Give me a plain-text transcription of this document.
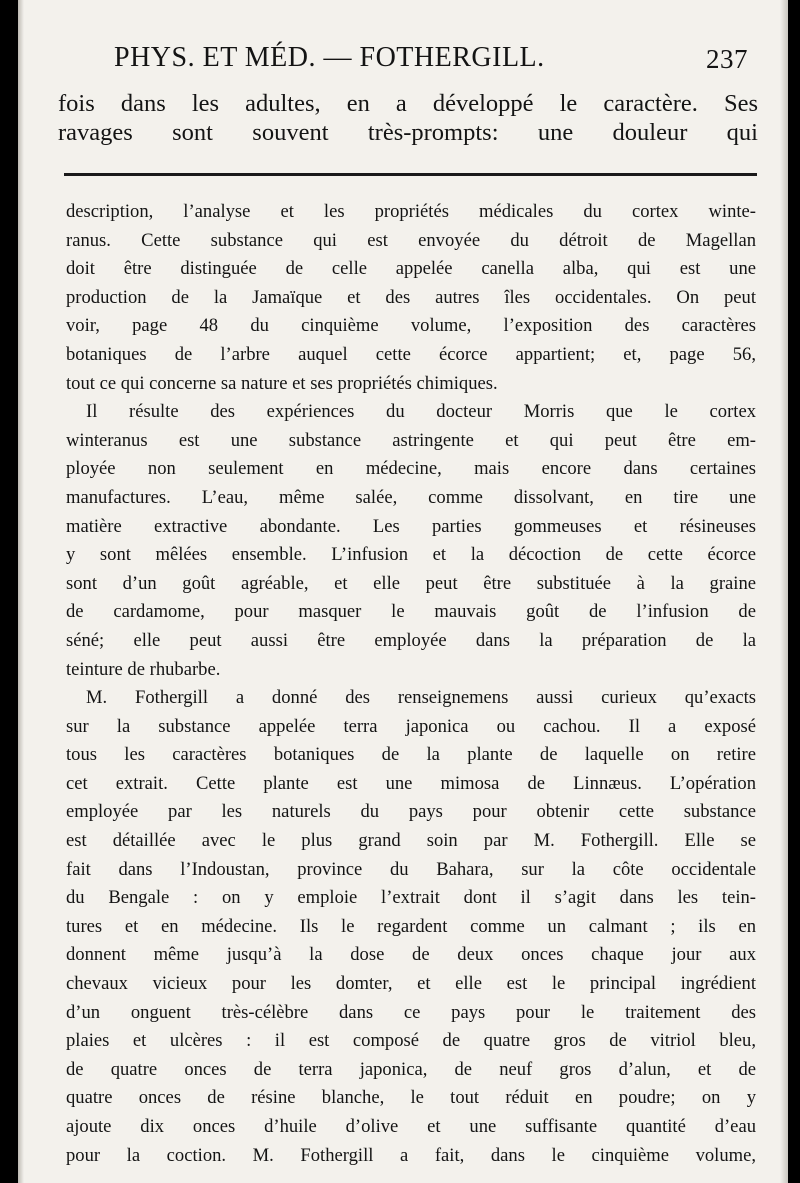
PHYS. ET MÉD. — FOTHERGILL.	237
fois dans les adultes, en a développé le caractère. Ses
ravages sont souvent très-prompts: une douleur qui
description, l’analyse et les propriétés médicales du cortex winte-
ranus. Cette substance qui est envoyée du détroit de Magellan
doit être distinguée de celle appelée canella alba, qui est une
production de la Jamaïque et des autres îles occidentales. On peut
voir, page 48 du cinquième volume, l’exposition des caractères
botaniques de l’arbre auquel cette écorce appartient; et, page 56,
tout ce qui concerne sa nature et ses propriétés chimiques.
Il résulte des expériences du docteur Morris que le cortex
winteranus est une substance astringente et qui peut être em-
ployée non seulement en médecine, mais encore dans certaines
manufactures. L’eau, même salée, comme dissolvant, en tire une
matière extractive abondante. Les parties gommeuses et résineuses
y sont mêlées ensemble. L’infusion et la décoction de cette écorce
sont d’un goût agréable, et elle peut être substituée à la graine
de cardamome, pour masquer le mauvais goût de l’infusion de
séné; elle peut aussi être employée dans la préparation de la
teinture de rhubarbe.
M. Fothergill a donné des renseignemens aussi curieux qu’exacts
sur la substance appelée terra japonica ou cachou. Il a exposé
tous les caractères botaniques de la plante de laquelle on retire
cet extrait. Cette plante est une mimosa de Linnæus. L’opération
employée par les naturels du pays pour obtenir cette substance
est détaillée avec le plus grand soin par M. Fothergill. Elle se
fait dans l’Indoustan, province du Bahara, sur la côte occidentale
du Bengale : on y emploie l’extrait dont il s’agit dans les tein-
tures et en médecine. Ils le regardent comme un calmant ; ils en
donnent même jusqu’à la dose de deux onces chaque jour aux
chevaux vicieux pour les domter, et elle est le principal ingrédient
d’un onguent très-célèbre dans ce pays pour le traitement des
plaies et ulcères : il est composé de quatre gros de vitriol bleu,
de quatre onces de terra japonica, de neuf gros d’alun, et de
quatre onces de résine blanche, le tout réduit en poudre; on y
ajoute dix onces d’huile d’olive et une suffisante quantité d’eau
pour la coction. M. Fothergill a fait, dans le cinquième volume,
